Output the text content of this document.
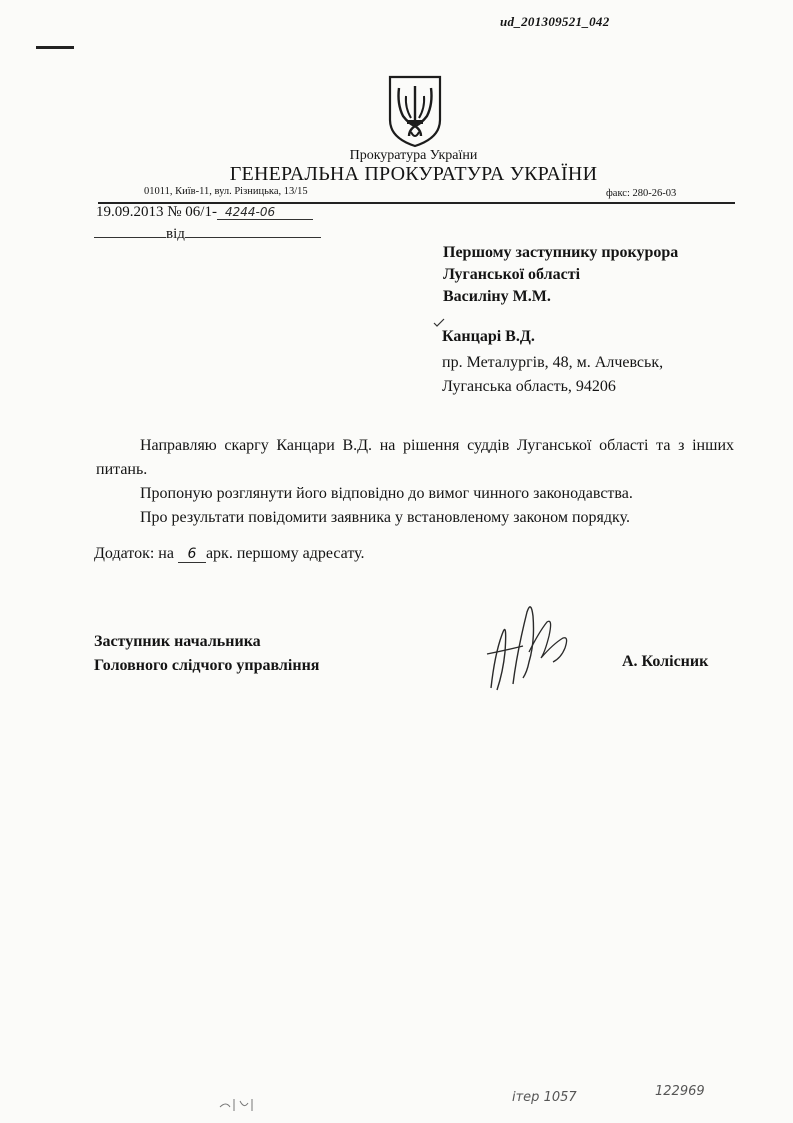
ud_201309521_042
Прокуратура України
ГЕНЕРАЛЬНА ПРОКУРАТУРА УКРАЇНИ
01011, Київ-11, вул. Різницька, 13/15	факс: 280-26-03
19.09.2013 № 06/1- 4244-06
від
Першому заступнику прокурора
Луганської області
Василіну М.М.
Канцарі В.Д.
пр. Металургів, 48, м. Алчевськ,
Луганська область, 94206

Направляю скаргу Канцари В.Д. на рішення суддів Луганської області та з інших питань.

Пропоную розглянути його відповідно до вимог чинного законодавства.

Про результати повідомити заявника у встановленому законом порядку.

Додаток: на 6 арк. першому адресату.
Заступник начальника
Головного слідчого управління	А. Колісник
ітер 1057	122969
